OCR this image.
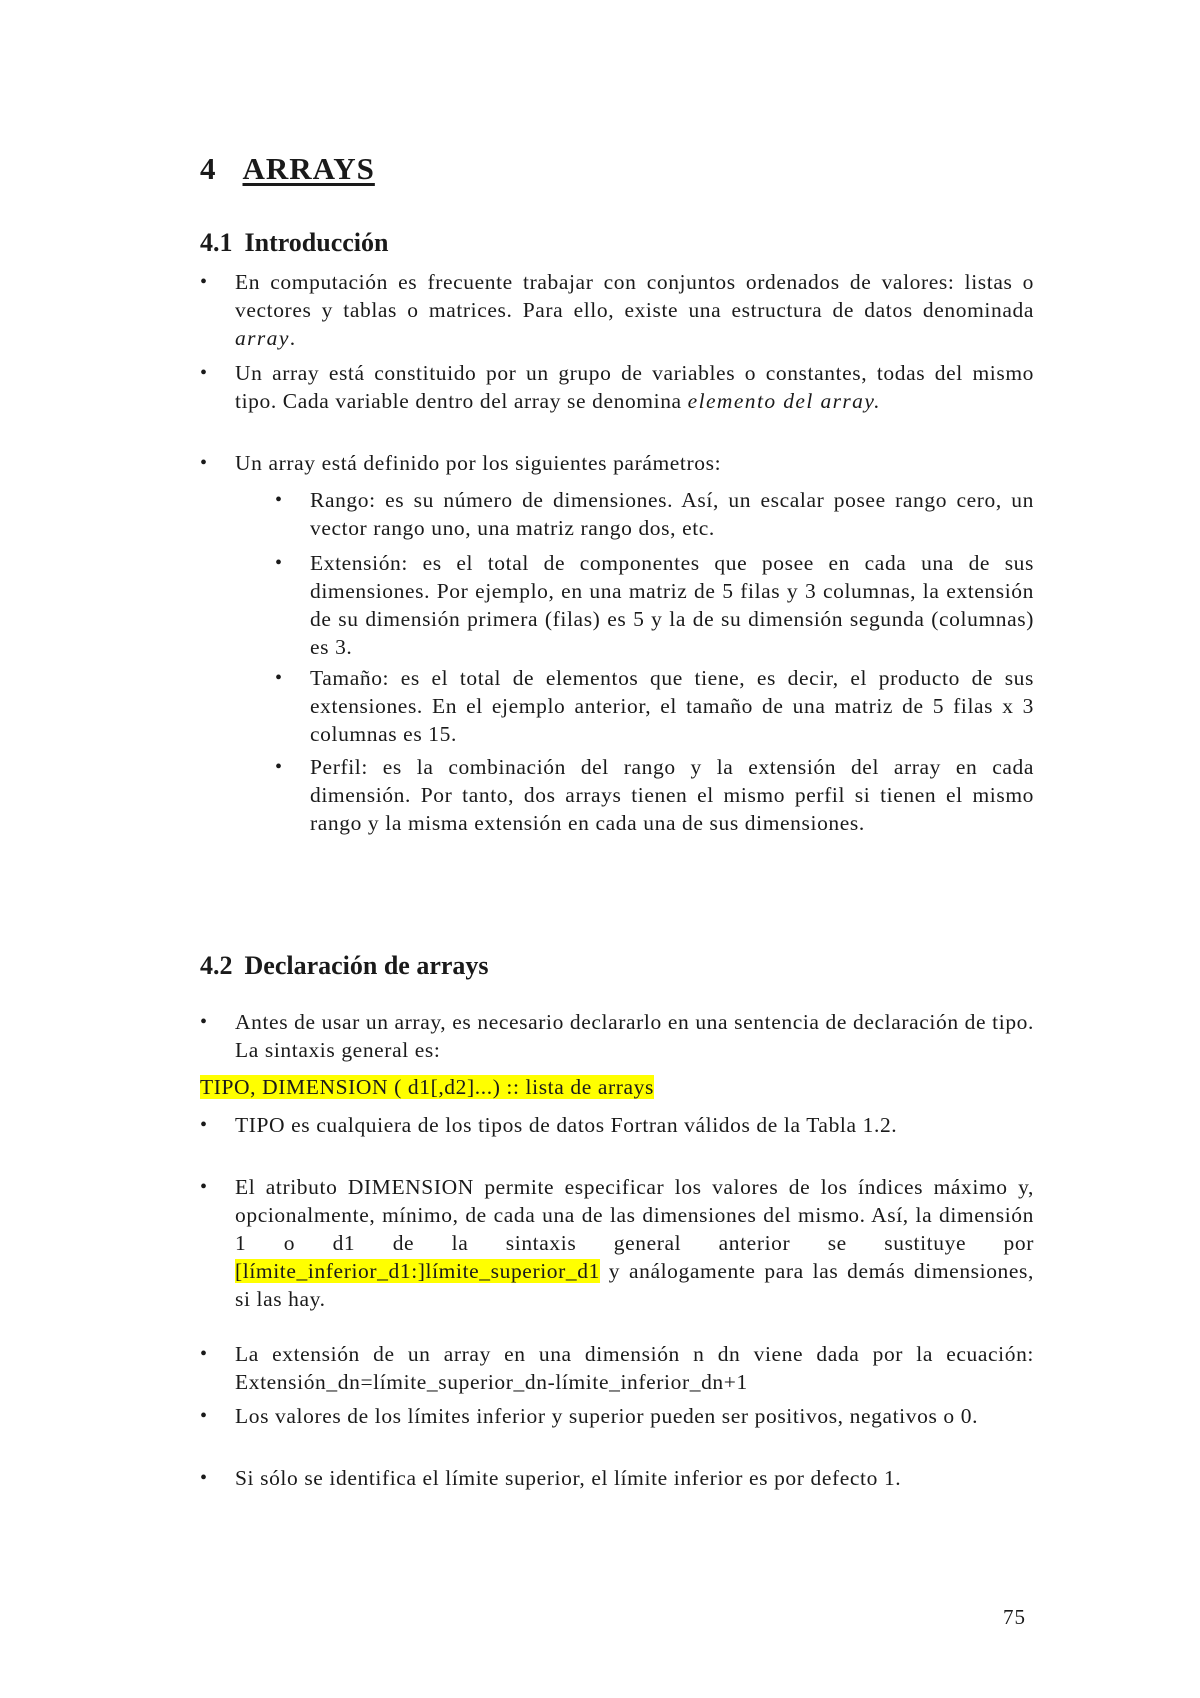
4 ARRAYS
4.1 Introducción
•	En computación es frecuente trabajar con conjuntos ordenados de valores: listas o vectores y tablas o matrices. Para ello, existe una estructura de datos denominada array.
•	Un array está constituido por un grupo de variables o constantes, todas del mismo tipo. Cada variable dentro del array se denomina elemento del array.
•	Un array está definido por los siguientes parámetros:
•	Rango: es su número de dimensiones. Así, un escalar posee rango cero, un vector rango uno, una matriz rango dos, etc.
•	Extensión: es el total de componentes que posee en cada una de sus dimensiones. Por ejemplo, en una matriz de 5 filas y 3 columnas, la extensión de su dimensión primera (filas) es 5 y la de su dimensión segunda (columnas) es 3.
•	Tamaño: es el total de elementos que tiene, es decir, el producto de sus extensiones. En el ejemplo anterior, el tamaño de una matriz de 5 filas x 3 columnas es 15.
•	Perfil: es la combinación del rango y la extensión del array en cada dimensión. Por tanto, dos arrays tienen el mismo perfil si tienen el mismo rango y la misma extensión en cada una de sus dimensiones.
4.2 Declaración de arrays
•	Antes de usar un array, es necesario declararlo en una sentencia de declaración de tipo. La sintaxis general es:
TIPO, DIMENSION ( d1[,d2]...) :: lista de arrays
•	TIPO es cualquiera de los tipos de datos Fortran válidos de la Tabla 1.2.
•	El atributo DIMENSION permite especificar los valores de los índices máximo y, opcionalmente, mínimo, de cada una de las dimensiones del mismo. Así, la dimensión 1 o d1 de la sintaxis general anterior se sustituye por [límite_inferior_d1:]límite_superior_d1 y análogamente para las demás dimensiones, si las hay.
•	La extensión de un array en una dimensión n dn viene dada por la ecuación: Extensión_dn=límite_superior_dn-límite_inferior_dn+1
•	Los valores de los límites inferior y superior pueden ser positivos, negativos o 0.
•	Si sólo se identifica el límite superior, el límite inferior es por defecto 1.
75
